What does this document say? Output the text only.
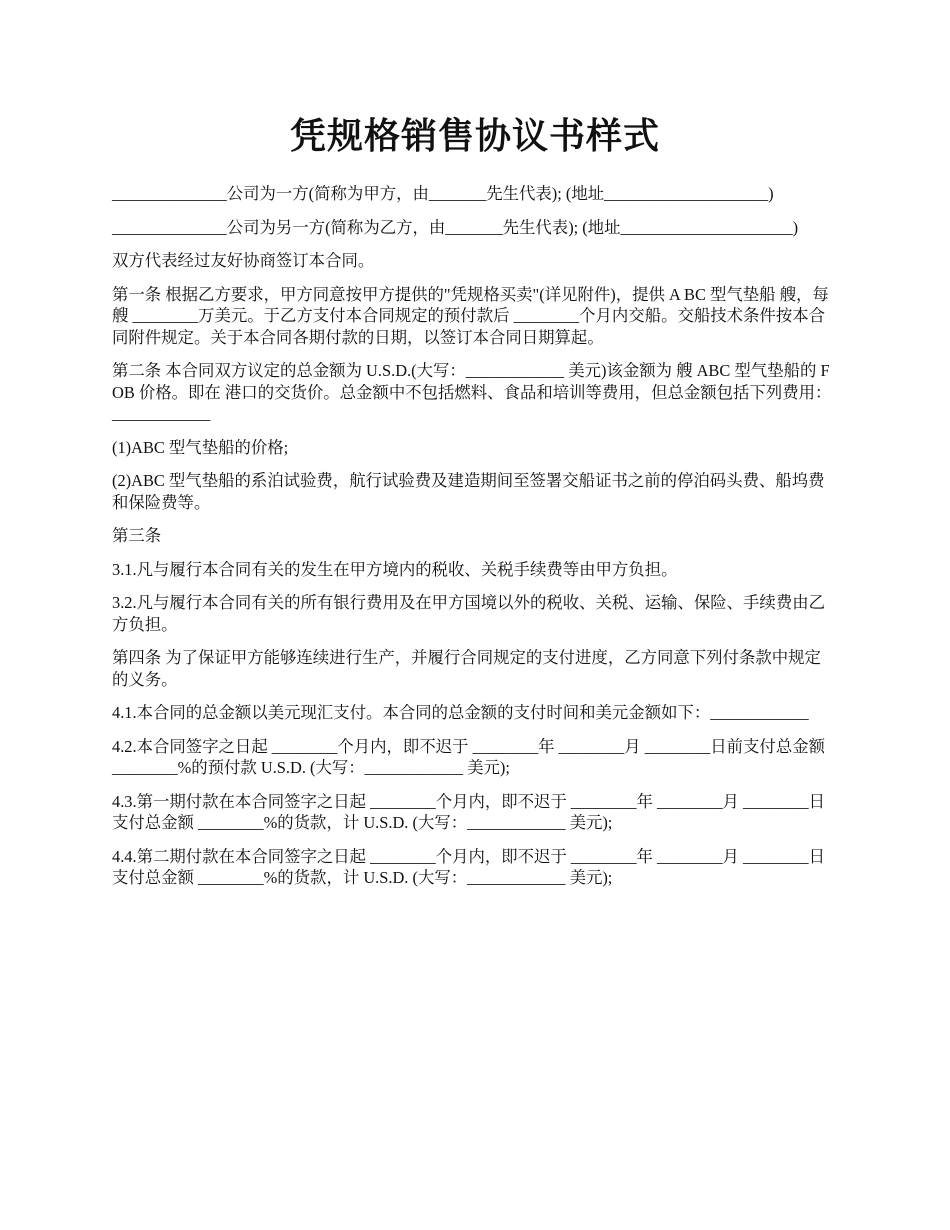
凭规格销售协议书样式

______________公司为一方(简称为甲方，由_______先生代表); (地址____________________)

______________公司为另一方(简称为乙方，由_______先生代表); (地址_____________________)

双方代表经过友好协商签订本合同。

第一条 根据乙方要求，甲方同意按甲方提供的"凭规格买卖"(详见附件)，提供 A BC 型气垫船 艘，每艘 ________万美元。于乙方支付本合同规定的预付款后 ________个月内交船。交船技术条件按本合同附件规定。关于本合同各期付款的日期，以签订本合同日期算起。

第二条 本合同双方议定的总金额为 U.S.D.(大写：____________ 美元)该金额为 艘 ABC 型气垫船的 FOB 价格。即在 港口的交货价。总金额中不包括燃料、食品和培训等费用，但总金额包括下列费用：____________

(1)ABC 型气垫船的价格;

(2)ABC 型气垫船的系泊试验费，航行试验费及建造期间至签署交船证书之前的停泊码头费、船坞费和保险费等。

第三条

3.1.凡与履行本合同有关的发生在甲方境内的税收、关税手续费等由甲方负担。

3.2.凡与履行本合同有关的所有银行费用及在甲方国境以外的税收、关税、运输、保险、手续费由乙方负担。

第四条 为了保证甲方能够连续进行生产，并履行合同规定的支付进度，乙方同意下列付条款中规定的义务。

4.1.本合同的总金额以美元现汇支付。本合同的总金额的支付时间和美元金额如下：____________

4.2.本合同签字之日起 ________个月内，即不迟于 ________年 ________月 ________日前支付总金额 ________%的预付款 U.S.D. (大写：____________ 美元);

4.3.第一期付款在本合同签字之日起 ________个月内，即不迟于 ________年 ________月 ________日支付总金额 ________%的货款，计 U.S.D. (大写：____________ 美元);

4.4.第二期付款在本合同签字之日起 ________个月内，即不迟于 ________年 ________月 ________日支付总金额 ________%的货款，计 U.S.D. (大写：____________ 美元);
